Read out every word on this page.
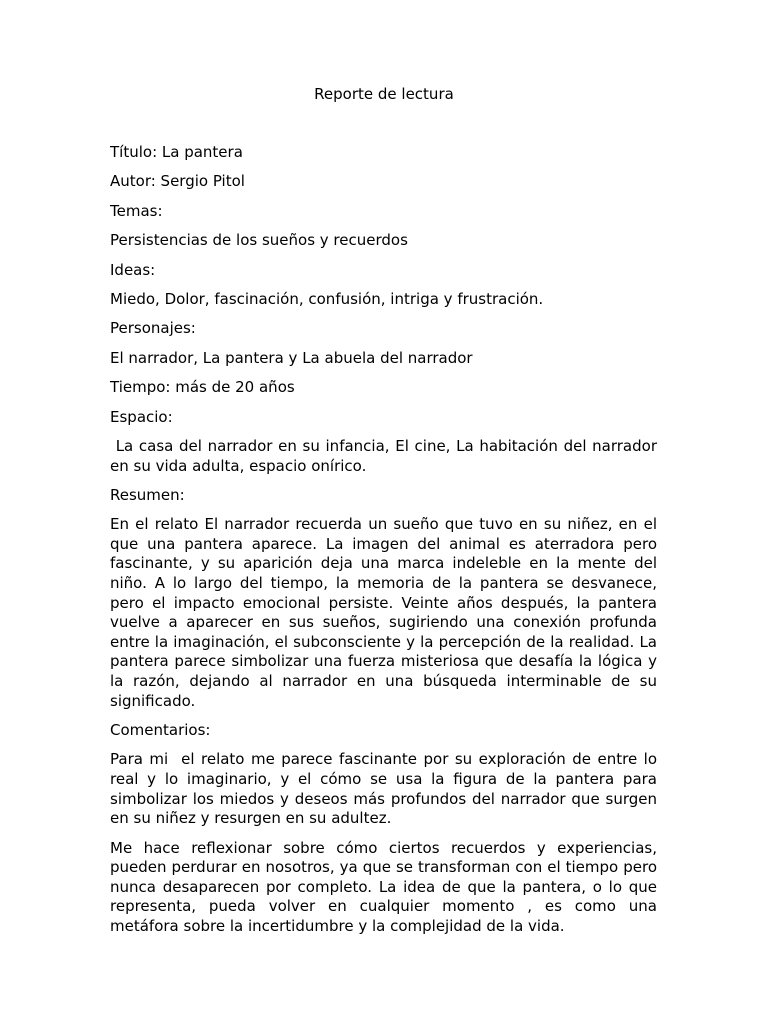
Reporte de lectura

Título: La pantera

Autor: Sergio Pitol

Temas:

Persistencias de los sueños y recuerdos

Ideas:

Miedo, Dolor, fascinación, confusión, intriga y frustración.

Personajes:

El narrador, La pantera y La abuela del narrador

Tiempo: más de 20 años

Espacio:

La casa del narrador en su infancia, El cine, La habitación del narrador en su vida adulta, espacio onírico.

Resumen:

En el relato El narrador recuerda un sueño que tuvo en su niñez, en el que una pantera aparece. La imagen del animal es aterradora pero fascinante, y su aparición deja una marca indeleble en la mente del niño. A lo largo del tiempo, la memoria de la pantera se desvanece, pero el impacto emocional persiste. Veinte años después, la pantera vuelve a aparecer en sus sueños, sugiriendo una conexión profunda entre la imaginación, el subconsciente y la percepción de la realidad. La pantera parece simbolizar una fuerza misteriosa que desafía la lógica y la razón, dejando al narrador en una búsqueda interminable de su significado.

Comentarios:

Para mi  el relato me parece fascinante por su exploración de entre lo real y lo imaginario, y el cómo se usa la figura de la pantera para simbolizar los miedos y deseos más profundos del narrador que surgen en su niñez y resurgen en su adultez.

Me hace reflexionar sobre cómo ciertos recuerdos y experiencias, pueden perdurar en nosotros, ya que se transforman con el tiempo pero nunca desaparecen por completo. La idea de que la pantera, o lo que representa, pueda volver en cualquier momento , es como una metáfora sobre la incertidumbre y la complejidad de la vida.
